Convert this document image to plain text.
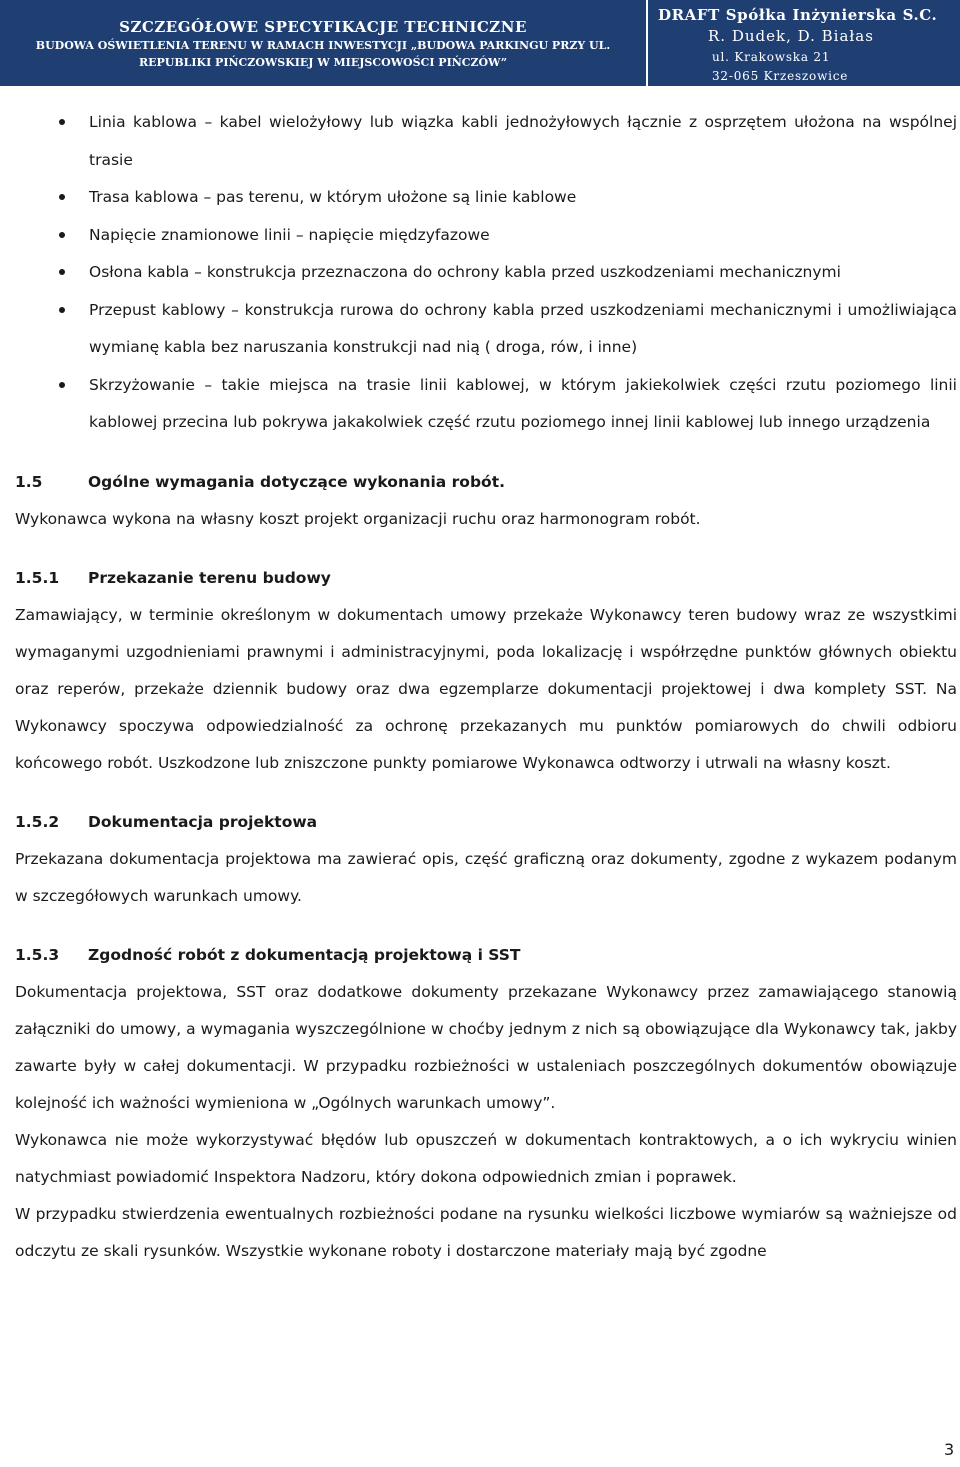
SZCZEGÓŁOWE SPECYFIKACJE TECHNICZNE
BUDOWA OŚWIETLENIA TERENU W RAMACH INWESTYCJI „BUDOWA PARKINGU PRZY UL.
REPUBLIKI PIŃCZOWSKIEJ W MIEJSCOWOŚCI PIŃCZÓW”
DRAFT Spółka Inżynierska S.C.
R. Dudek, D. Białas
ul. Krakowska 21
32-065 Krzeszowice
Linia kablowa – kabel wielożyłowy lub wiązka kabli jednożyłowych łącznie z osprzętem ułożona na wspólnej trasie
Trasa kablowa – pas terenu, w którym ułożone są linie kablowe
Napięcie znamionowe linii – napięcie międzyfazowe
Osłona kabla – konstrukcja przeznaczona do ochrony kabla przed uszkodzeniami mechanicznymi
Przepust kablowy – konstrukcja rurowa do ochrony kabla przed uszkodzeniami mechanicznymi i umożliwiająca wymianę kabla bez naruszania konstrukcji nad nią ( droga, rów, i inne)
Skrzyżowanie – takie miejsca na trasie linii kablowej, w którym jakiekolwiek części rzutu poziomego linii kablowej przecina lub pokrywa jakakolwiek część rzutu poziomego innej linii kablowej lub innego urządzenia
1.5	Ogólne wymagania dotyczące wykonania robót.

Wykonawca wykona na własny koszt projekt organizacji ruchu oraz harmonogram robót.

1.5.1 Przekazanie terenu budowy

Zamawiający, w terminie określonym w dokumentach umowy przekaże Wykonawcy teren budowy wraz ze wszystkimi wymaganymi uzgodnieniami prawnymi i administracyjnymi, poda lokalizację i współrzędne punktów głównych obiektu oraz reperów, przekaże dziennik budowy oraz dwa egzemplarze dokumentacji projektowej i dwa komplety SST. Na Wykonawcy spoczywa odpowiedzialność za ochronę przekazanych mu punktów pomiarowych do chwili odbioru końcowego robót. Uszkodzone lub zniszczone punkty pomiarowe Wykonawca odtworzy i utrwali na własny koszt.

1.5.2 Dokumentacja projektowa

Przekazana dokumentacja projektowa ma zawierać opis, część graficzną oraz dokumenty, zgodne z wykazem podanym w szczegółowych warunkach umowy.

1.5.3 Zgodność robót z dokumentacją projektową i SST

Dokumentacja projektowa, SST oraz dodatkowe dokumenty przekazane Wykonawcy przez zamawiającego stanowią załączniki do umowy, a wymagania wyszczególnione w choćby jednym z nich są obowiązujące dla Wykonawcy tak, jakby zawarte były w całej dokumentacji. W przypadku rozbieżności w ustaleniach poszczególnych dokumentów obowiązuje kolejność ich ważności wymieniona w „Ogólnych warunkach umowy”.

Wykonawca nie może wykorzystywać błędów lub opuszczeń w dokumentach kontraktowych, a o ich wykryciu winien natychmiast powiadomić Inspektora Nadzoru, który dokona odpowiednich zmian i poprawek.

W przypadku stwierdzenia ewentualnych rozbieżności podane na rysunku wielkości liczbowe wymiarów są ważniejsze od odczytu ze skali rysunków. Wszystkie wykonane roboty i dostarczone materiały mają być zgodne

3
